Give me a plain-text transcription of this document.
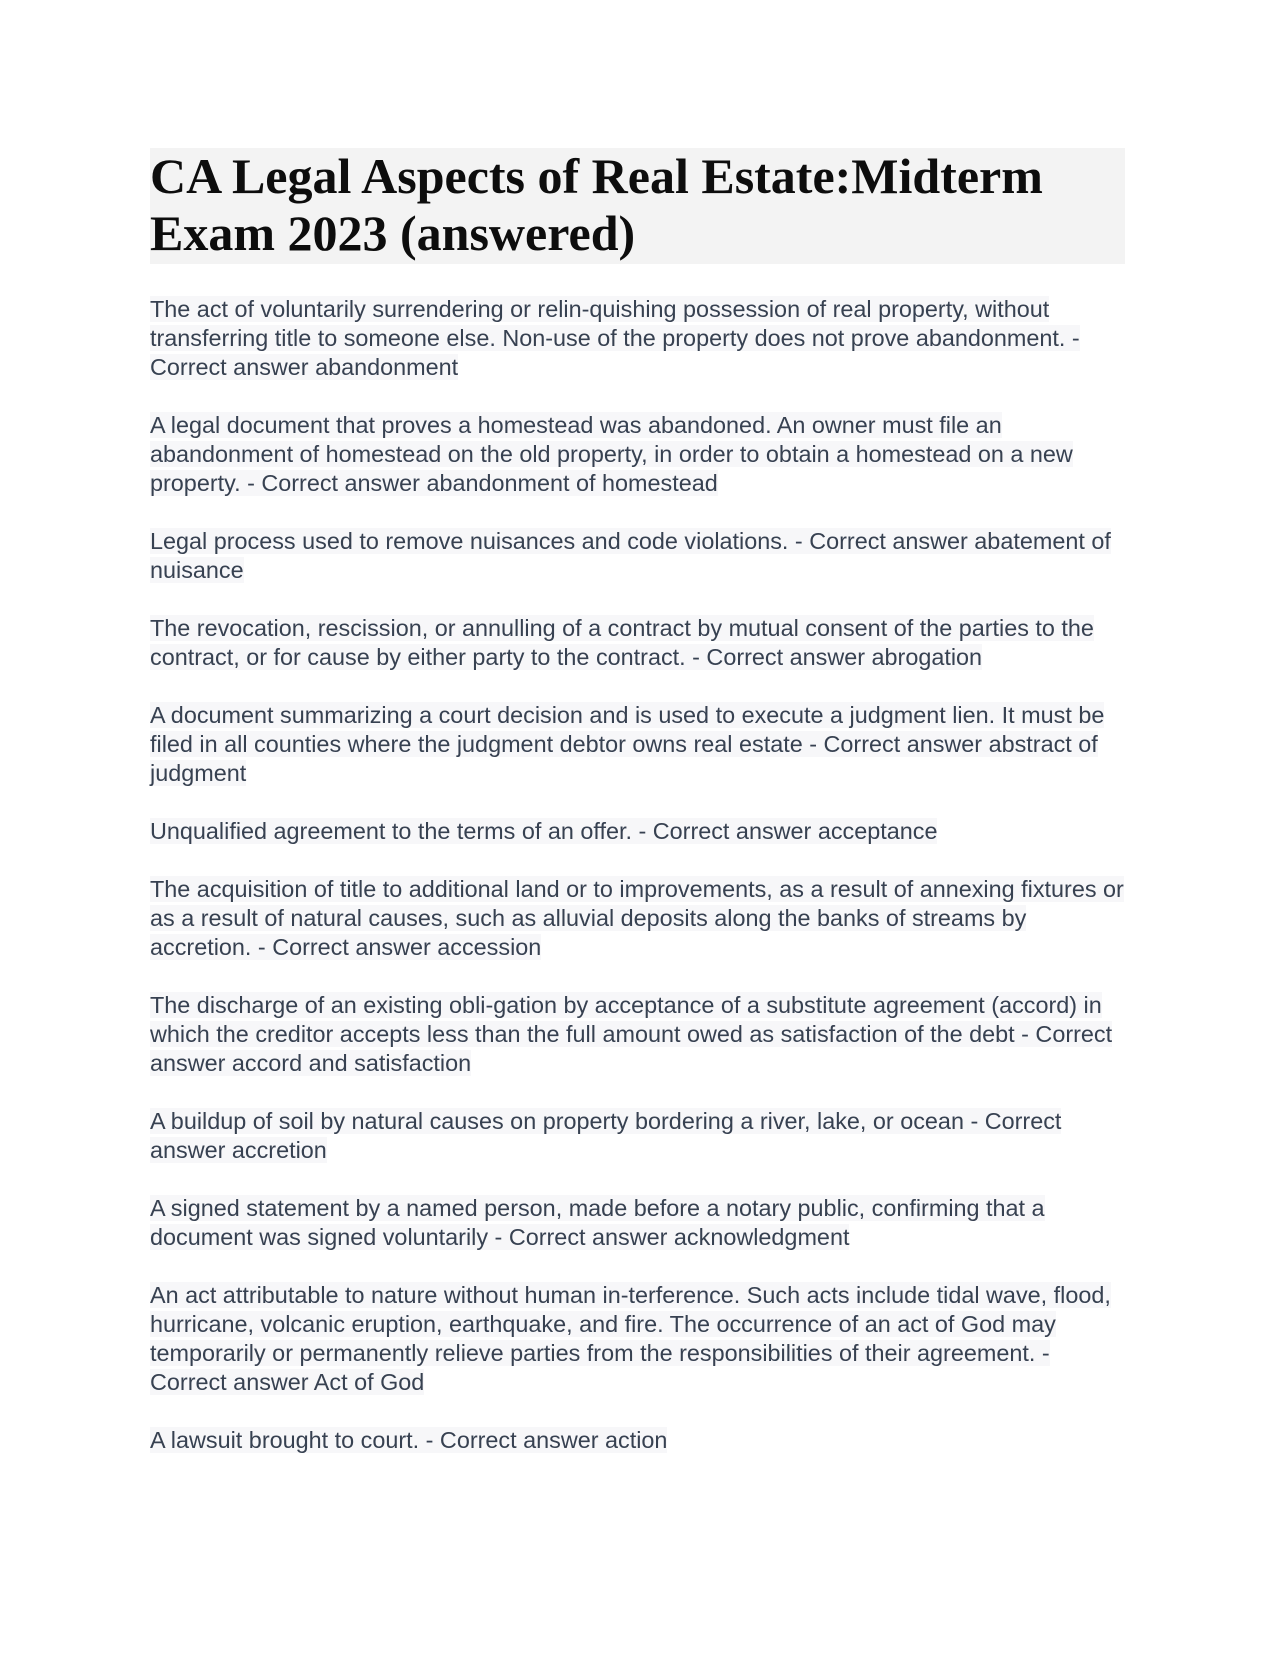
CA Legal Aspects of Real Estate:Midterm Exam 2023 (answered)

The act of voluntarily surrendering or relin-quishing possession of real property, without transferring title to someone else. Non-use of the property does not prove abandonment. - Correct answer abandonment

A legal document that proves a homestead was abandoned. An owner must file an abandonment of homestead on the old property, in order to obtain a homestead on a new property. - Correct answer abandonment of homestead

Legal process used to remove nuisances and code violations. - Correct answer abatement of nuisance

The revocation, rescission, or annulling of a contract by mutual consent of the parties to the contract, or for cause by either party to the contract. - Correct answer abrogation

A document summarizing a court decision and is used to execute a judgment lien. It must be filed in all counties where the judgment debtor owns real estate - Correct answer abstract of judgment

Unqualified agreement to the terms of an offer. - Correct answer acceptance

The acquisition of title to additional land or to improvements, as a result of annexing fixtures or as a result of natural causes, such as alluvial deposits along the banks of streams by accretion. - Correct answer accession

The discharge of an existing obli-gation by acceptance of a substitute agreement (accord) in which the creditor accepts less than the full amount owed as satisfaction of the debt - Correct answer accord and satisfaction

A buildup of soil by natural causes on property bordering a river, lake, or ocean - Correct answer accretion

A signed statement by a named person, made before a notary public, confirming that a document was signed voluntarily - Correct answer acknowledgment

An act attributable to nature without human in-terference. Such acts include tidal wave, flood, hurricane, volcanic eruption, earthquake, and fire. The occurrence of an act of God may temporarily or permanently relieve parties from the responsibilities of their agreement. - Correct answer Act of God

A lawsuit brought to court. - Correct answer action
